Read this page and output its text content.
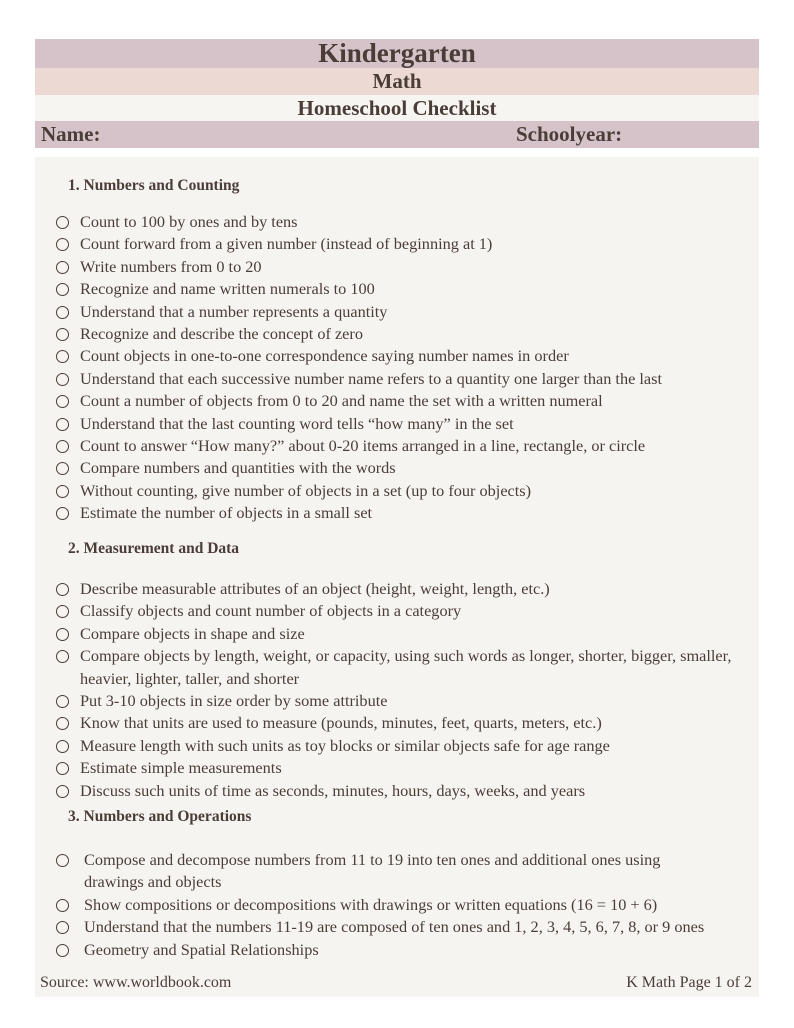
Kindergarten
Math
Homeschool Checklist
Name:	Schoolyear:
1. Numbers and Counting
Count to 100 by ones and by tens
Count forward from a given number (instead of beginning at 1)
Write numbers from 0 to 20
Recognize and name written numerals to 100
Understand that a number represents a quantity
Recognize and describe the concept of zero
Count objects in one-to-one correspondence saying number names in order
Understand that each successive number name refers to a quantity one larger than the last
Count a number of objects from 0 to 20 and name the set with a written numeral
Understand that the last counting word tells “how many” in the set
Count to answer “How many?” about 0-20 items arranged in a line, rectangle, or circle
Compare numbers and quantities with the words
Without counting, give number of objects in a set (up to four objects)
Estimate the number of objects in a small set
2. Measurement and Data
Describe measurable attributes of an object (height, weight, length, etc.)
Classify objects and count number of objects in a category
Compare objects in shape and size
Compare objects by length, weight, or capacity, using such words as longer, shorter, bigger, smaller, heavier, lighter, taller, and shorter
Put 3-10 objects in size order by some attribute
Know that units are used to measure (pounds, minutes, feet, quarts, meters, etc.)
Measure length with such units as toy blocks or similar objects safe for age range
Estimate simple measurements
Discuss such units of time as seconds, minutes, hours, days, weeks, and years
3. Numbers and Operations
Compose and decompose numbers from 11 to 19 into ten ones and additional ones using drawings and objects
Show compositions or decompositions with drawings or written equations (16 = 10 + 6)
Understand that the numbers 11-19 are composed of ten ones and 1, 2, 3, 4, 5, 6, 7, 8, or 9 ones
Geometry and Spatial Relationships
Source: www.worldbook.com	K Math Page 1 of 2
